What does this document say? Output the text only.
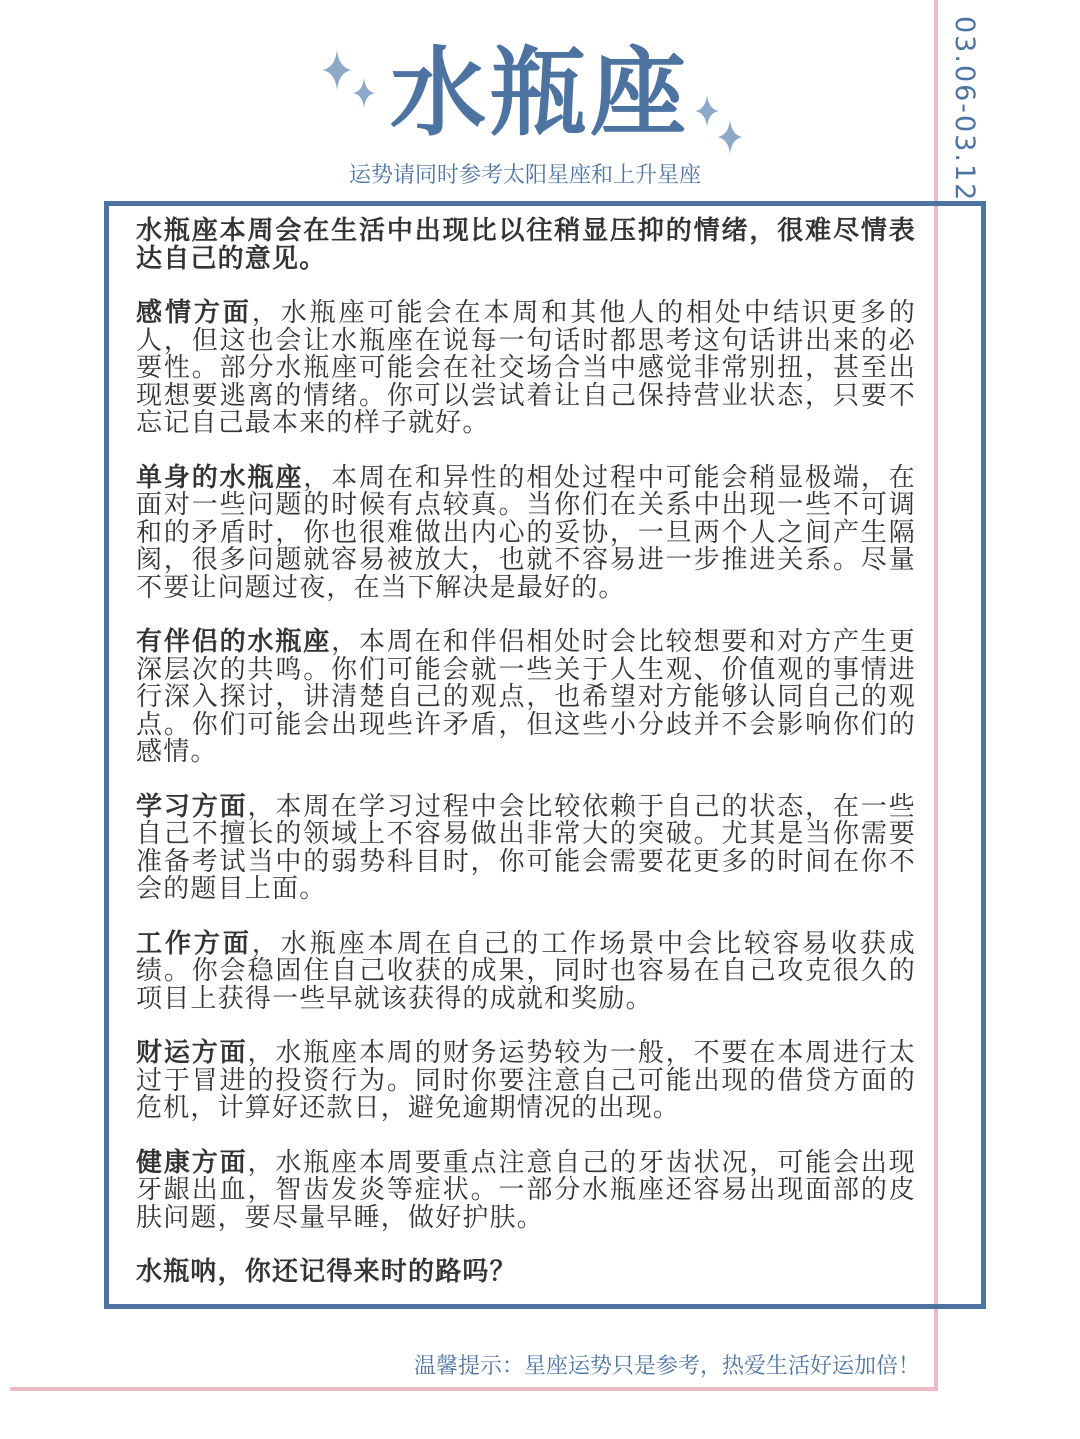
03.06-03.12
水瓶座
运势请同时参考太阳星座和上升星座

水瓶座本周会在生活中出现比以往稍显压抑的情绪，很难尽情表达自己的意见。

感情方面，水瓶座可能会在本周和其他人的相处中结识更多的人，但这也会让水瓶座在说每一句话时都思考这句话讲出来的必要性。部分水瓶座可能会在社交场合当中感觉非常别扭，甚至出现想要逃离的情绪。你可以尝试着让自己保持营业状态，只要不忘记自己最本来的样子就好。

单身的水瓶座，本周在和异性的相处过程中可能会稍显极端，在面对一些问题的时候有点较真。当你们在关系中出现一些不可调和的矛盾时，你也很难做出内心的妥协，一旦两个人之间产生隔阂，很多问题就容易被放大，也就不容易进一步推进关系。尽量不要让问题过夜，在当下解决是最好的。

有伴侣的水瓶座，本周在和伴侣相处时会比较想要和对方产生更深层次的共鸣。你们可能会就一些关于人生观、价值观的事情进行深入探讨，讲清楚自己的观点，也希望对方能够认同自己的观点。你们可能会出现些许矛盾，但这些小分歧并不会影响你们的感情。

学习方面，本周在学习过程中会比较依赖于自己的状态，在一些自己不擅长的领域上不容易做出非常大的突破。尤其是当你需要准备考试当中的弱势科目时，你可能会需要花更多的时间在你不会的题目上面。

工作方面，水瓶座本周在自己的工作场景中会比较容易收获成绩。你会稳固住自己收获的成果，同时也容易在自己攻克很久的项目上获得一些早就该获得的成就和奖励。

财运方面，水瓶座本周的财务运势较为一般，不要在本周进行太过于冒进的投资行为。同时你要注意自己可能出现的借贷方面的危机，计算好还款日，避免逾期情况的出现。

健康方面，水瓶座本周要重点注意自己的牙齿状况，可能会出现牙龈出血，智齿发炎等症状。一部分水瓶座还容易出现面部的皮肤问题，要尽量早睡，做好护肤。

水瓶呐，你还记得来时的路吗？

温馨提示：星座运势只是参考，热爱生活好运加倍！
